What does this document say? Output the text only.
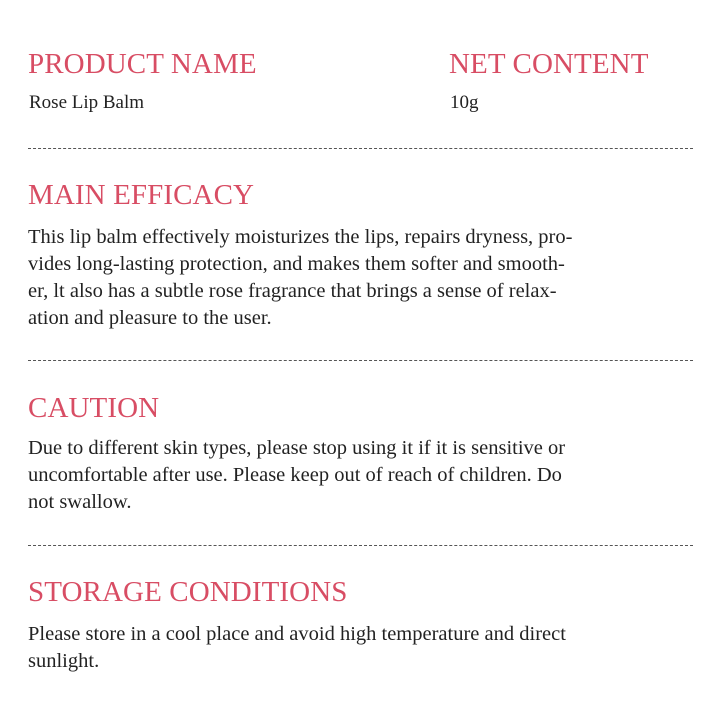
PRODUCT NAME
Rose Lip Balm
NET CONTENT
10g
MAIN EFFICACY

This lip balm effectively moisturizes the lips, repairs dryness, pro-
vides long-lasting protection, and makes them softer and smooth-
er, lt also has a subtle rose fragrance that brings a sense of relax-
ation and pleasure to the user.

CAUTION

Due to different skin types, please stop using it if it is sensitive or
uncomfortable after use. Please keep out of reach of children. Do
not swallow.

STORAGE CONDITIONS

Please store in a cool place and avoid high temperature and direct
sunlight.
